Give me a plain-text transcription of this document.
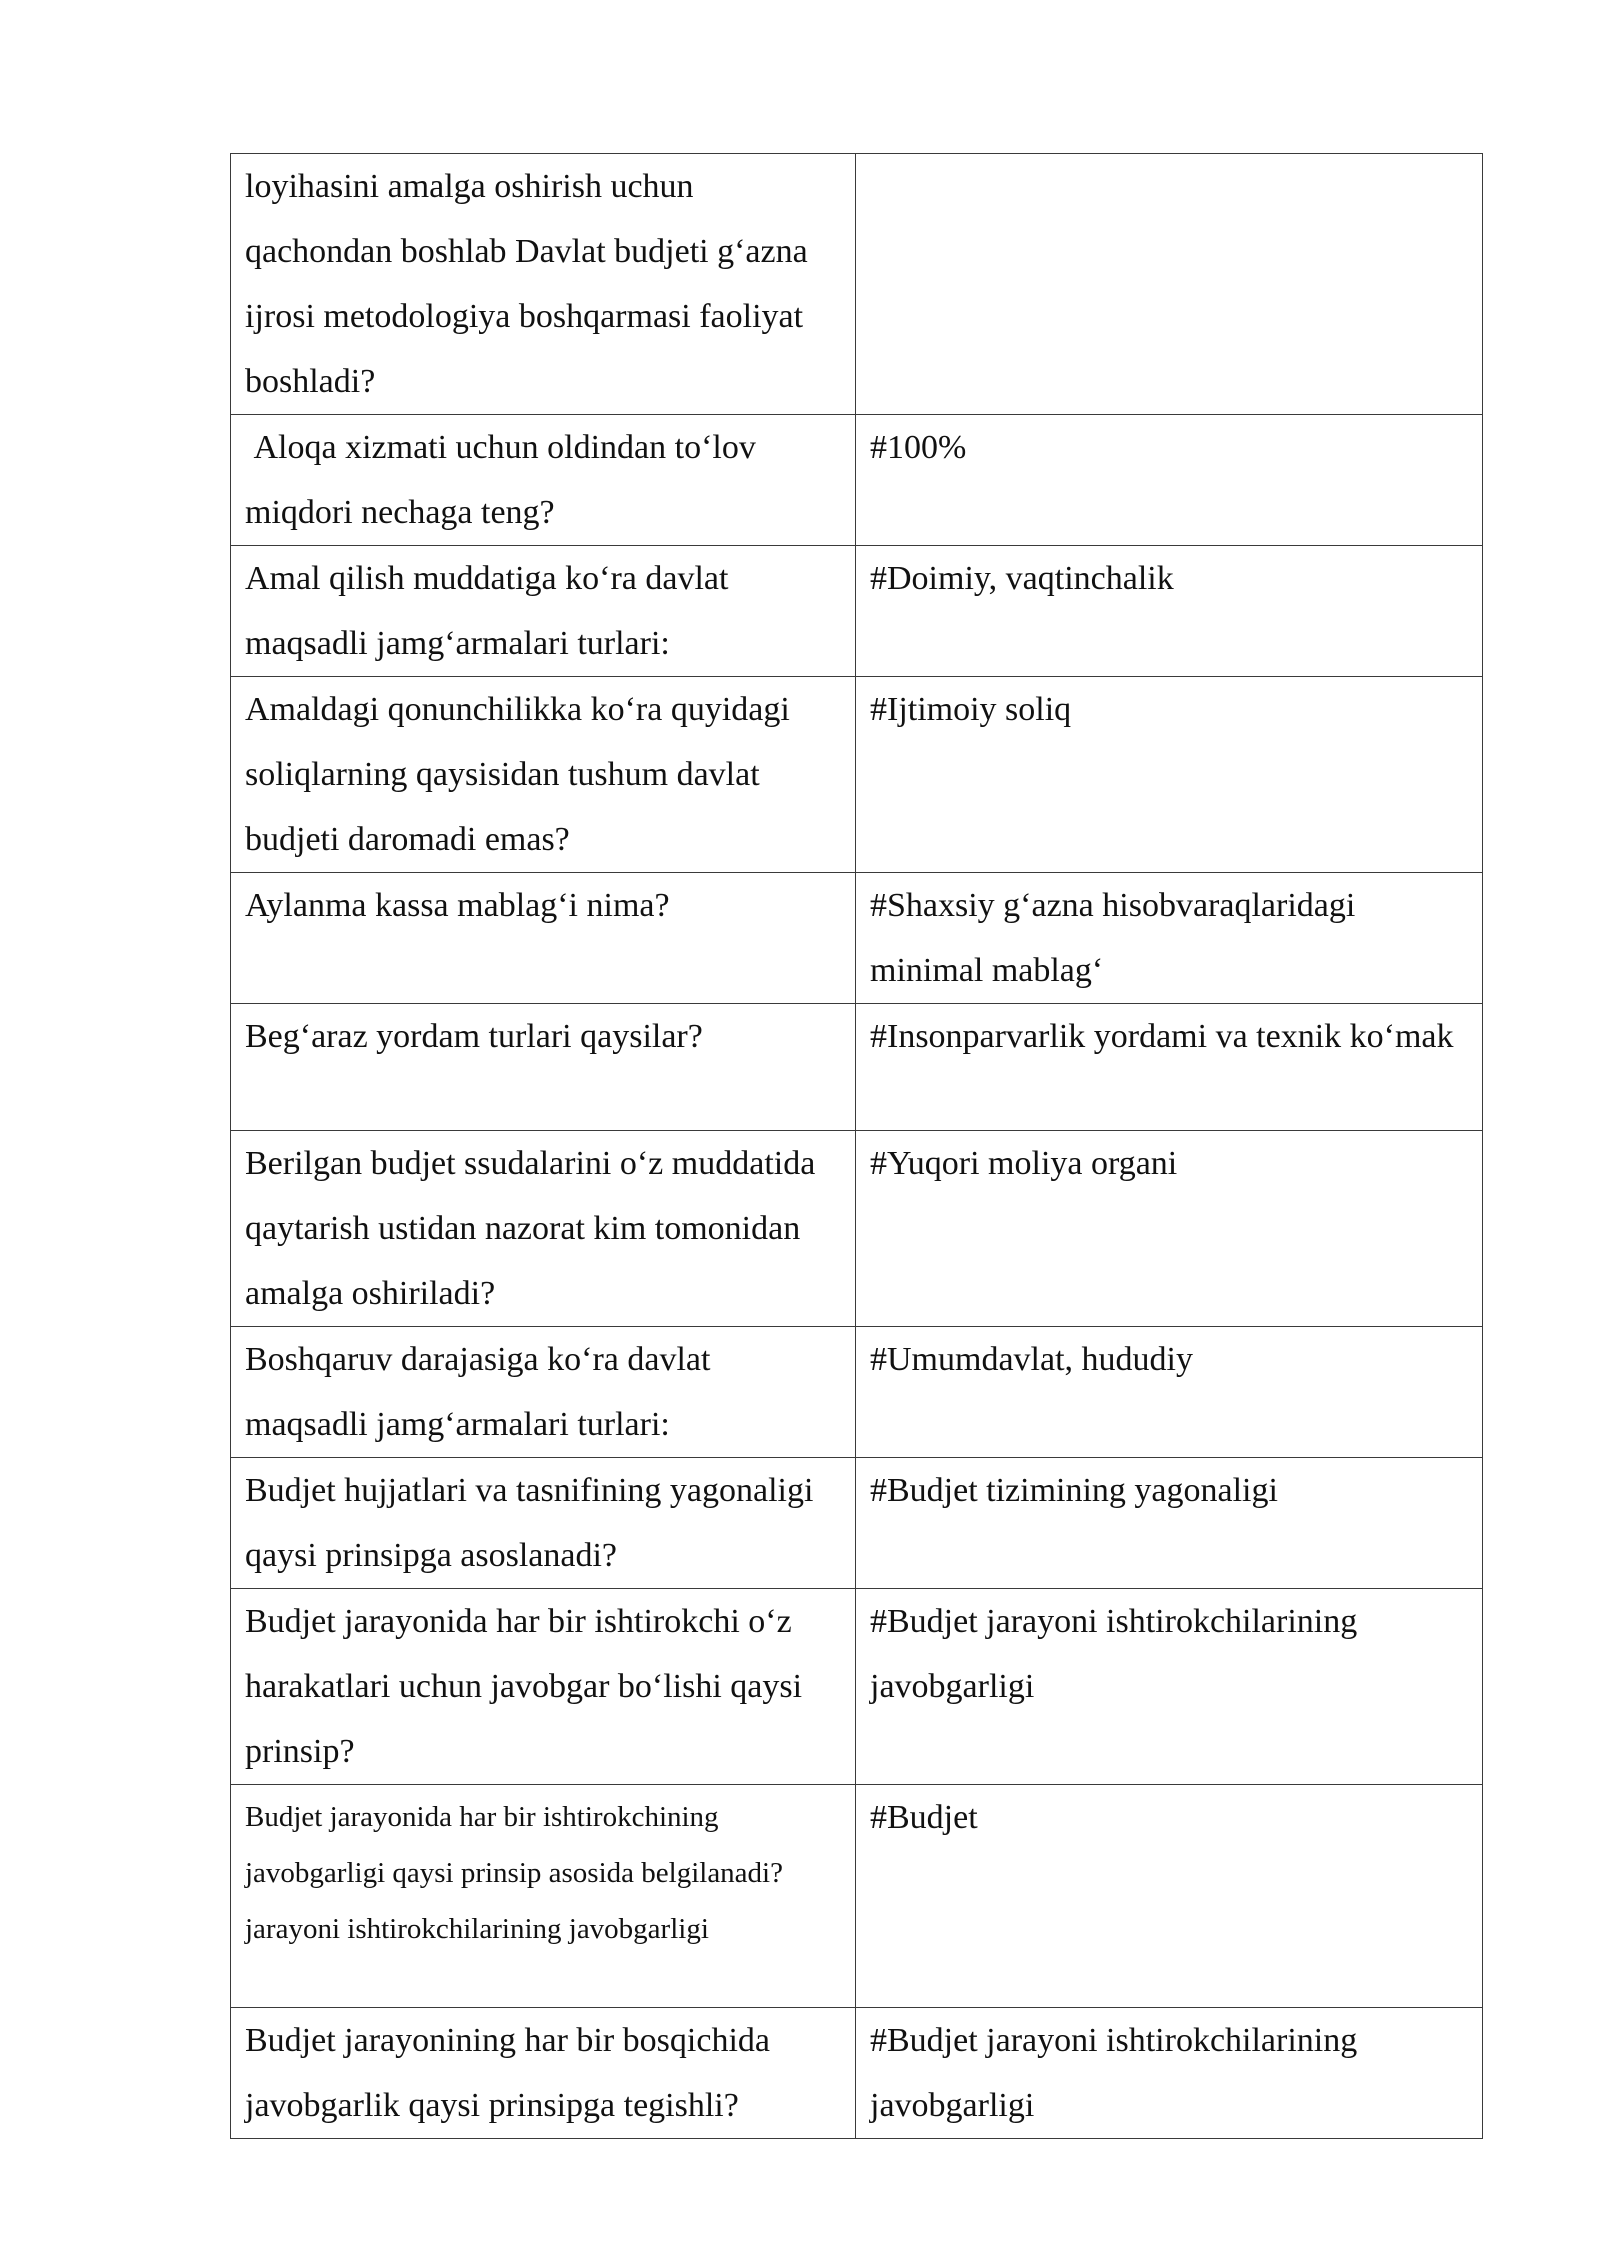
loyihasini amalga oshirish uchun qachondan boshlab Davlat budjeti g‘azna ijrosi metodologiya boshqarmasi faoliyat boshladi?	

Aloqa xizmati uchun oldindan to‘lov miqdori nechaga teng?	#100%

Amal qilish muddatiga ko‘ra davlat maqsadli jamg‘armalari turlari:	#Doimiy, vaqtinchalik

Amaldagi qonunchilikka ko‘ra quyidagi soliqlarning qaysisidan tushum davlat budjeti daromadi emas?	#Ijtimoiy soliq

Aylanma kassa mablag‘i nima?	#Shaxsiy g‘azna hisobvaraqlaridagi minimal mablag‘

Beg‘araz yordam turlari qaysilar?	#Insonparvarlik yordami va texnik ko‘mak

Berilgan budjet ssudalarini o‘z muddatida qaytarish ustidan nazorat kim tomonidan amalga oshiriladi?	#Yuqori moliya organi

Boshqaruv darajasiga ko‘ra davlat maqsadli jamg‘armalari turlari:	#Umumdavlat, hududiy

Budjet hujjatlari va tasnifining yagonaligi qaysi prinsipga asoslanadi?	#Budjet tizimining yagonaligi

Budjet jarayonida har bir ishtirokchi o‘z harakatlari uchun javobgar bo‘lishi qaysi prinsip?	#Budjet jarayoni ishtirokchilarining javobgarligi

Budjet jarayonida har bir ishtirokchining javobgarligi qaysi prinsip asosida belgilanadi?  jarayoni ishtirokchilarining javobgarligi	#Budjet

Budjet jarayonining har bir bosqichida javobgarlik qaysi prinsipga tegishli?	#Budjet jarayoni ishtirokchilarining javobgarligi
